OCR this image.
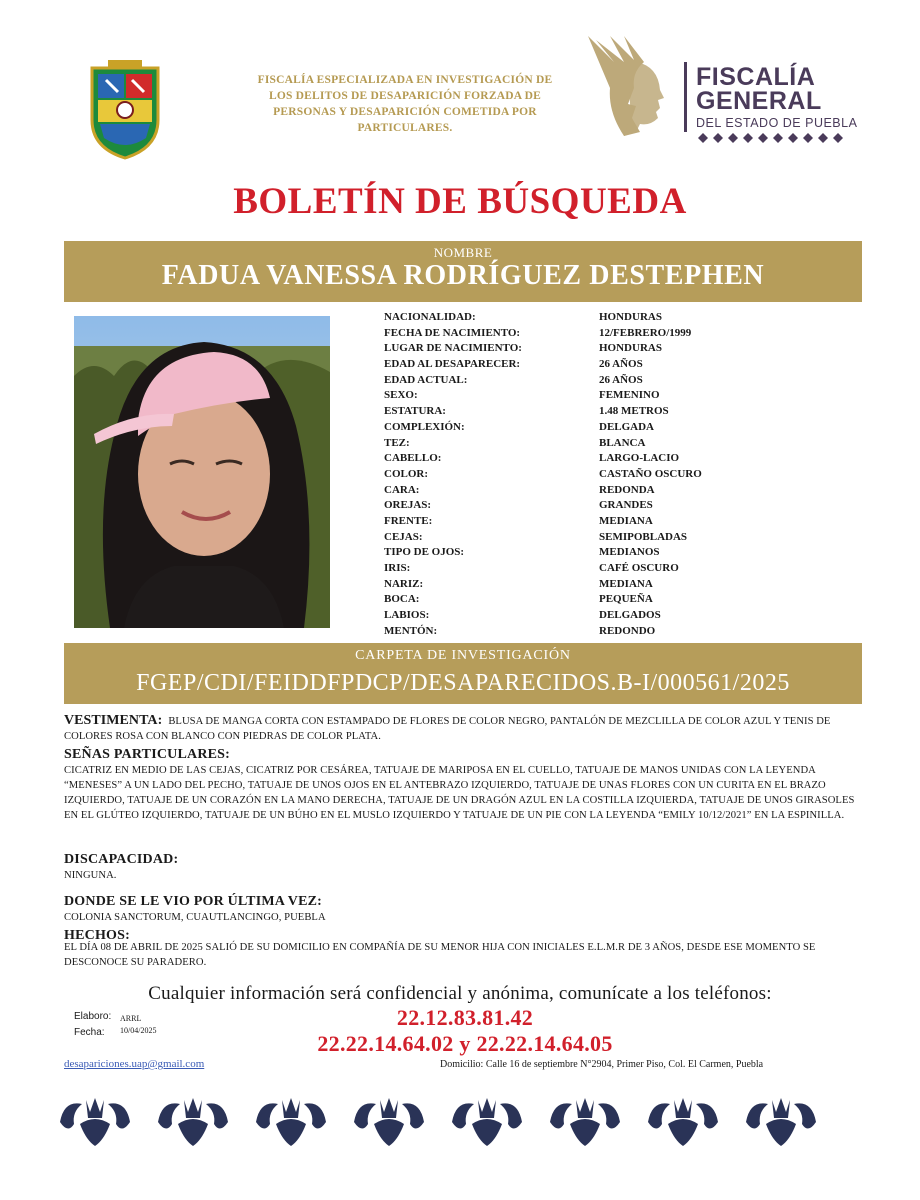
FISCALÍA ESPECIALIZADA EN INVESTIGACIÓN DE
LOS DELITOS DE DESAPARICIÓN FORZADA DE
PERSONAS Y DESAPARICIÓN COMETIDA POR
PARTICULARES.
FISCALÍA
GENERAL
DEL ESTADO DE PUEBLA
BOLETÍN DE BÚSQUEDA
NOMBRE
FADUA VANESSA RODRÍGUEZ DESTEPHEN
NACIONALIDAD:	HONDURAS
FECHA DE NACIMIENTO:	12/FEBRERO/1999
LUGAR DE NACIMIENTO:	HONDURAS
EDAD AL DESAPARECER:	26 AÑOS
EDAD ACTUAL:	26 AÑOS
SEXO:	FEMENINO
ESTATURA:	1.48 METROS
COMPLEXIÓN:	DELGADA
TEZ:	BLANCA
CABELLO:	LARGO-LACIO
COLOR:	CASTAÑO OSCURO
CARA:	REDONDA
OREJAS:	GRANDES
FRENTE:	MEDIANA
CEJAS:	SEMIPOBLADAS
TIPO DE OJOS:	MEDIANOS
IRIS:	CAFÉ OSCURO
NARIZ:	MEDIANA
BOCA:	PEQUEÑA
LABIOS:	DELGADOS
MENTÓN:	REDONDO
CARPETA DE INVESTIGACIÓN
FGEP/CDI/FEIDDFPDCP/DESAPARECIDOS.B-I/000561/2025
VESTIMENTA: BLUSA DE MANGA CORTA CON ESTAMPADO DE FLORES DE COLOR NEGRO, PANTALÓN DE MEZCLILLA DE COLOR AZUL Y TENIS DE COLORES ROSA CON BLANCO CON PIEDRAS DE COLOR PLATA.
SEÑAS PARTICULARES:
CICATRIZ EN MEDIO DE LAS CEJAS, CICATRIZ POR CESÁREA, TATUAJE DE MARIPOSA EN EL CUELLO, TATUAJE DE MANOS UNIDAS CON LA LEYENDA “MENESES” A UN LADO DEL PECHO, TATUAJE DE UNOS OJOS EN EL ANTEBRAZO IZQUIERDO, TATUAJE DE UNAS FLORES CON UN CURITA EN EL BRAZO IZQUIERDO, TATUAJE DE UN CORAZÓN EN LA MANO DERECHA, TATUAJE DE UN DRAGÓN AZUL EN LA COSTILLA IZQUIERDA, TATUAJE DE UNOS GIRASOLES EN EL GLÚTEO IZQUIERDO, TATUAJE DE UN BÚHO EN EL MUSLO IZQUIERDO Y TATUAJE DE UN PIE CON LA LEYENDA “EMILY 10/12/2021” EN LA ESPINILLA.
DISCAPACIDAD:
NINGUNA.
DONDE SE LE VIO POR ÚLTIMA VEZ:
COLONIA SANCTORUM, CUAUTLANCINGO, PUEBLA
HECHOS:
EL DÍA 08 DE ABRIL DE 2025 SALIÓ DE SU DOMICILIO EN COMPAÑÍA DE SU MENOR HIJA CON INICIALES E.L.M.R DE 3 AÑOS, DESDE ESE MOMENTO SE DESCONOCE SU PARADERO.
Cualquier información será confidencial y anónima, comunícate a los teléfonos:
22.12.83.81.42
22.22.14.64.02 y 22.22.14.64.05
Elaboro: ARRL
Fecha: 10/04/2025
desapariciones.uap@gmail.com	Domicilio: Calle 16 de septiembre N°2904, Primer Piso, Col. El Carmen, Puebla
